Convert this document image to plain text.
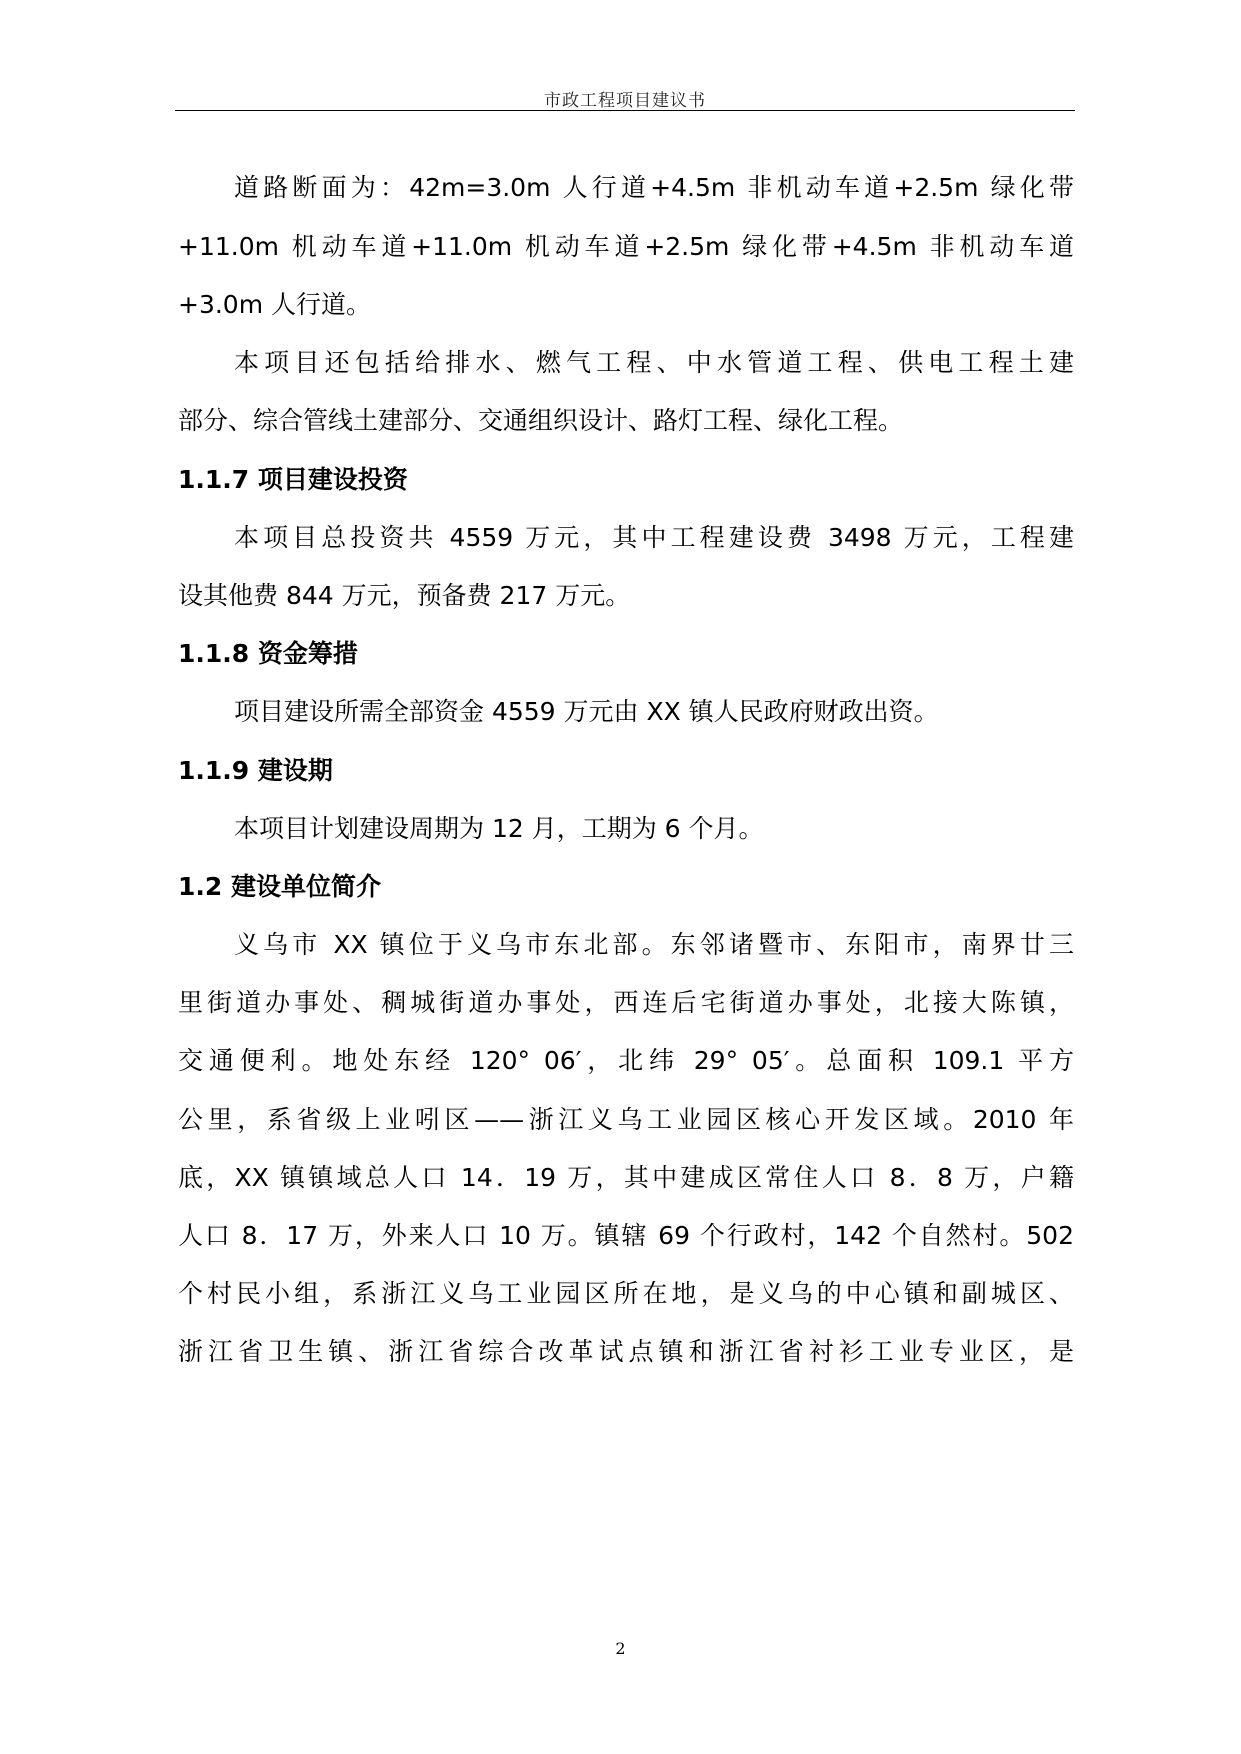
市政工程项目建议书
道路断面为：42m=3.0m 人行道+4.5m 非机动车道+2.5m 绿化带
+11.0m 机动车道+11.0m 机动车道+2.5m 绿化带+4.5m 非机动车道
+3.0m 人行道。
本项目还包括给排水、燃气工程、中水管道工程、供电工程土建
部分、综合管线土建部分、交通组织设计、路灯工程、绿化工程。
1.1.7 项目建设投资
本项目总投资共 4559 万元，其中工程建设费 3498 万元，工程建
设其他费 844 万元，预备费 217 万元。
1.1.8 资金筹措
项目建设所需全部资金 4559 万元由 XX 镇人民政府财政出资。
1.1.9 建设期
本项目计划建设周期为 12 月，工期为 6 个月。
1.2 建设单位简介
义乌市 XX 镇位于义乌市东北部。东邻诸暨市、东阳市，南界廿三
里街道办事处、稠城街道办事处，西连后宅街道办事处，北接大陈镇，
交通便利。地处东经 120° 06′，北纬 29° 05′。总面积 109.1 平方
公里，系省级上业吲区——浙江义乌工业园区核心开发区域。2010 年
底，XX 镇镇域总人口 14．19 万，其中建成区常住人口 8．8 万，户籍
人口 8．17 万，外来人口 10 万。镇辖 69 个行政村，142 个自然村。502
个村民小组，系浙江义乌工业园区所在地，是义乌的中心镇和副城区、
浙江省卫生镇、浙江省综合改革试点镇和浙江省衬衫工业专业区，是
2
